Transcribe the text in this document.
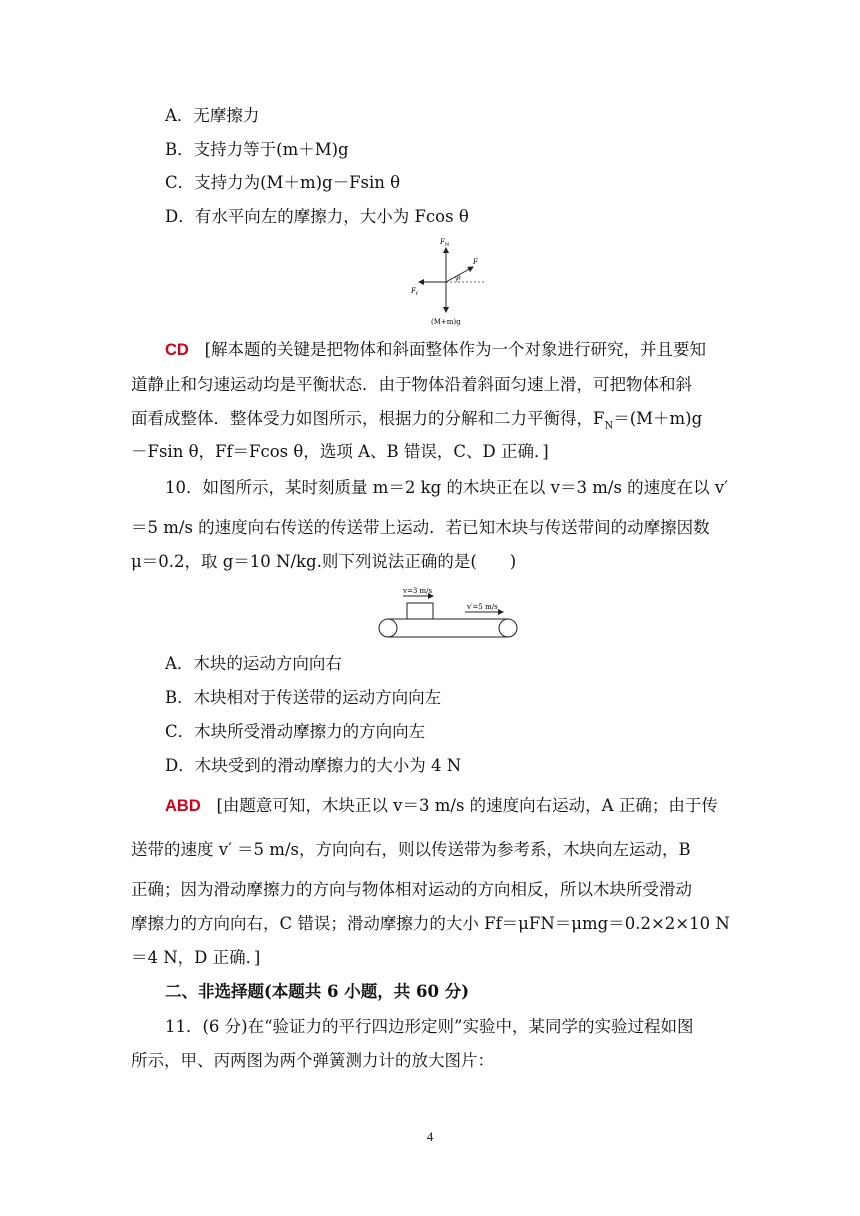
A．无摩擦力
B．支持力等于(m＋M)g
C．支持力为(M＋m)g－Fsin θ
D．有水平向左的摩擦力，大小为 Fcos θ
$F_N$
F
θ
$F_f$
(M+m)g
CD [解本题的关键是把物体和斜面整体作为一个对象进行研究，并且要知
道静止和匀速运动均是平衡状态．由于物体沿着斜面匀速上滑，可把物体和斜
面看成整体．整体受力如图所示，根据力的分解和二力平衡得，$F_N=(M+m)g$
－Fsin θ，Ff＝Fcos θ，选项 A、B 错误，C、D 正确．]
10．如图所示，某时刻质量 m＝2 kg 的木块正在以 v＝3 m/s 的速度在以 v′
＝5 m/s 的速度向右传送的传送带上运动．若已知木块与传送带间的动摩擦因数
μ＝0.2，取 g＝10 N/kg.则下列说法正确的是(　　)
v=3 m/s
v′=5 m/s
A．木块的运动方向向右
B．木块相对于传送带的运动方向向左
C．木块所受滑动摩擦力的方向向左
D．木块受到的滑动摩擦力的大小为 4 N
ABD [由题意可知，木块正以 v＝3 m/s 的速度向右运动，A 正确；由于传
送带的速度 v′ ＝5 m/s，方向向右，则以传送带为参考系，木块向左运动，B
正确；因为滑动摩擦力的方向与物体相对运动的方向相反，所以木块所受滑动
摩擦力的方向向右，C 错误；滑动摩擦力的大小 Ff＝μFN＝μmg＝0.2×2×10 N
＝4 N，D 正确．]
二、非选择题(本题共 6 小题，共 60 分)
11．(6 分)在“验证力的平行四边形定则”实验中，某同学的实验过程如图
所示，甲、丙两图为两个弹簧测力计的放大图片：
4
